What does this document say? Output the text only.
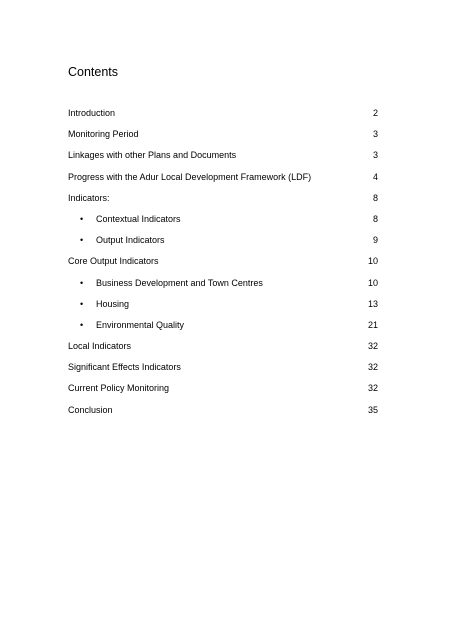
Contents
Introduction	2
Monitoring Period	3
Linkages with other Plans and Documents	3
Progress with the Adur Local Development Framework (LDF)	4
Indicators:	8
•	Contextual Indicators	8
•	Output Indicators	9
Core Output Indicators	10
•	Business Development and Town Centres	10
•	Housing	13
•	Environmental Quality	21
Local Indicators	32
Significant Effects Indicators	32
Current Policy Monitoring	32
Conclusion	35
